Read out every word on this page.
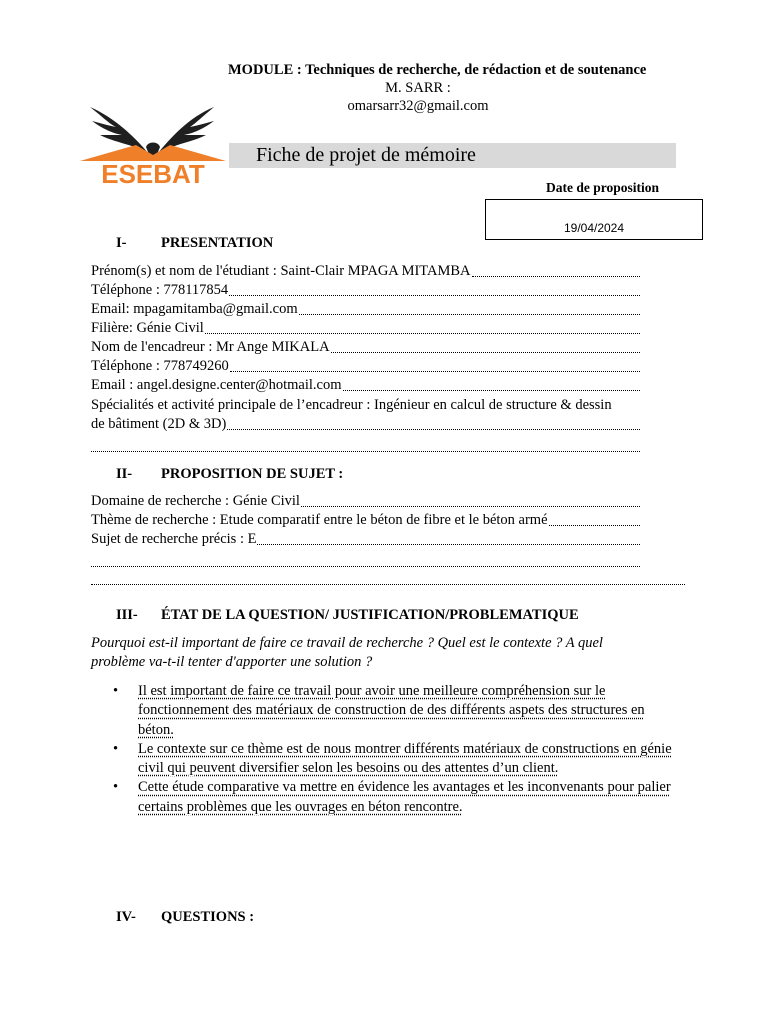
MODULE : Techniques de recherche, de rédaction et de soutenance
M. SARR :
omarsarr32@gmail.com
ESEBAT
Fiche de projet de mémoire
Date de proposition
19/04/2024
I- PRESENTATION
Prénom(s) et nom de l'étudiant : Saint-Clair MPAGA MITAMBA
Téléphone : 778117854
Email: mpagamitamba@gmail.com
Filière: Génie Civil
Nom de l'encadreur : Mr Ange MIKALA
Téléphone : 778749260
Email : angel.designe.center@hotmail.com
Spécialités et activité principale de l’encadreur : Ingénieur en calcul de structure & dessin
de bâtiment (2D & 3D)
II- PROPOSITION DE SUJET :
Domaine de recherche : Génie Civil
Thème de recherche : Etude comparatif entre le béton de fibre et le béton armé
Sujet de recherche précis : E
III- ÉTAT DE LA QUESTION/ JUSTIFICATION/PROBLEMATIQUE
Pourquoi est-il important de faire ce travail de recherche ? Quel est le contexte ? A quel problème va-t-il tenter d'apporter une solution ?
• Il est important de faire ce travail pour avoir une meilleure compréhension sur le fonctionnement des matériaux de construction de des différents aspets des structures en béton.
• Le contexte sur ce thème est de nous montrer différents matériaux de constructions en génie civil qui peuvent diversifier selon les besoins ou des attentes d’un client.
• Cette étude comparative va mettre en évidence les avantages et les inconvenants pour palier certains problèmes que les ouvrages en béton rencontre.
IV- QUESTIONS :
